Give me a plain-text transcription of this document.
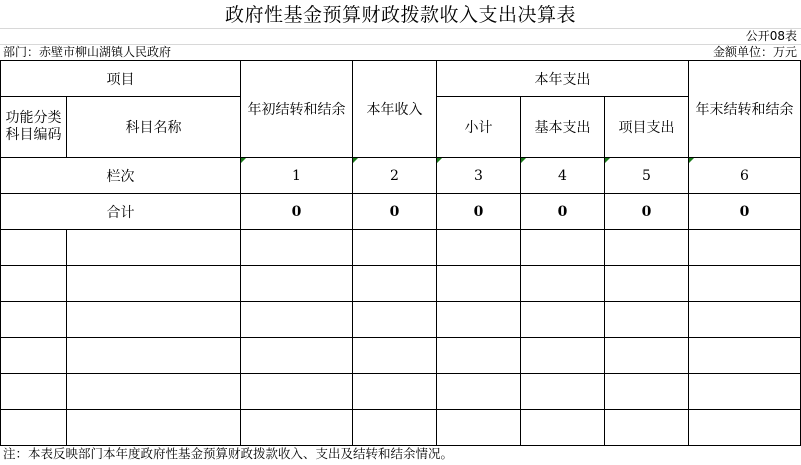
政府性基金预算财政拨款收入支出决算表
公开08表
部门：赤壁市柳山湖镇人民政府	金额单位：万元
项目		年初结转和结余	本年收入	本年支出			年末结转和结余
功能分类科目编码	科目名称			小计	基本支出	项目支出	
栏次		1	2	3	4	5	6
合计		0	0	0	0	0	0

注：本表反映部门本年度政府性基金预算财政拨款收入、支出及结转和结余情况。
